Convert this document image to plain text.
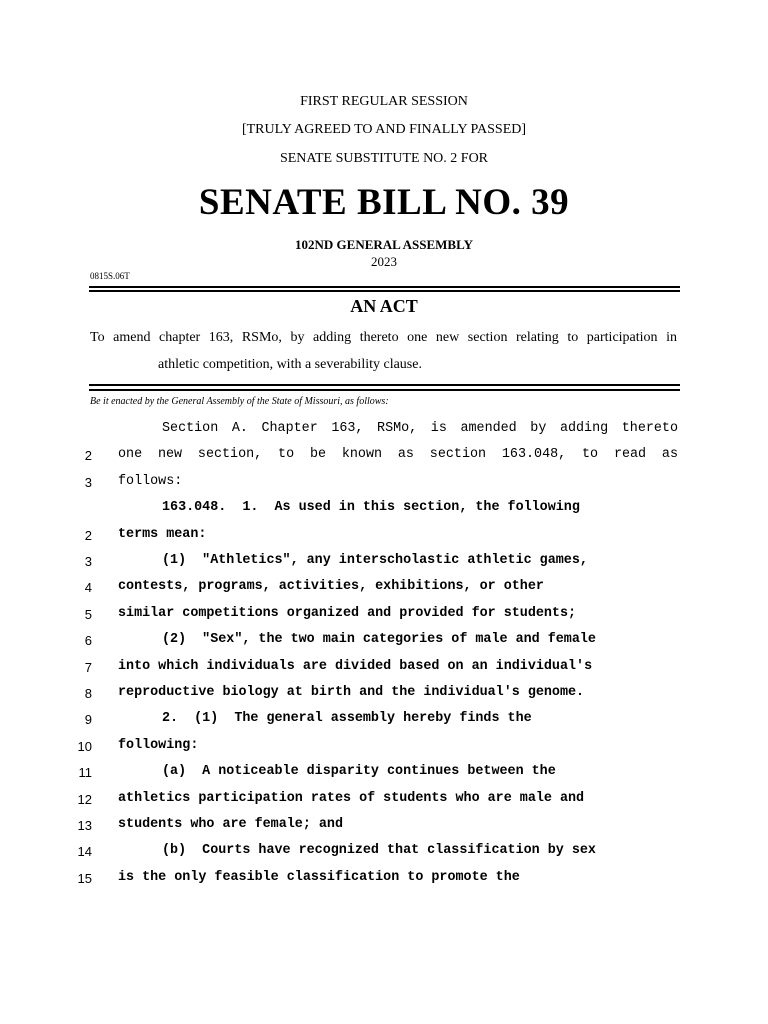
FIRST REGULAR SESSION
[TRULY AGREED TO AND FINALLY PASSED]
SENATE SUBSTITUTE NO. 2 FOR
SENATE BILL NO. 39
102ND GENERAL ASSEMBLY
2023
0815S.06T
AN ACT
To amend chapter 163, RSMo, by adding thereto one new section relating to participation in
athletic competition, with a severability clause.
Be it enacted by the General Assembly of the State of Missouri, as follows:
Section A. Chapter 163, RSMo, is amended by adding thereto
2 one new section, to be known as section 163.048, to read as
3 follows:
163.048.  1.  As used in this section, the following
2 terms mean:
3	(1)  "Athletics", any interscholastic athletic games,
4 contests, programs, activities, exhibitions, or other
5 similar competitions organized and provided for students;
6	(2)  "Sex", the two main categories of male and female
7 into which individuals are divided based on an individual's
8 reproductive biology at birth and the individual's genome.
9	2.  (1)  The general assembly hereby finds the
10 following:
11	(a)  A noticeable disparity continues between the
12 athletics participation rates of students who are male and
13 students who are female; and
14	(b)  Courts have recognized that classification by sex
15 is the only feasible classification to promote the
